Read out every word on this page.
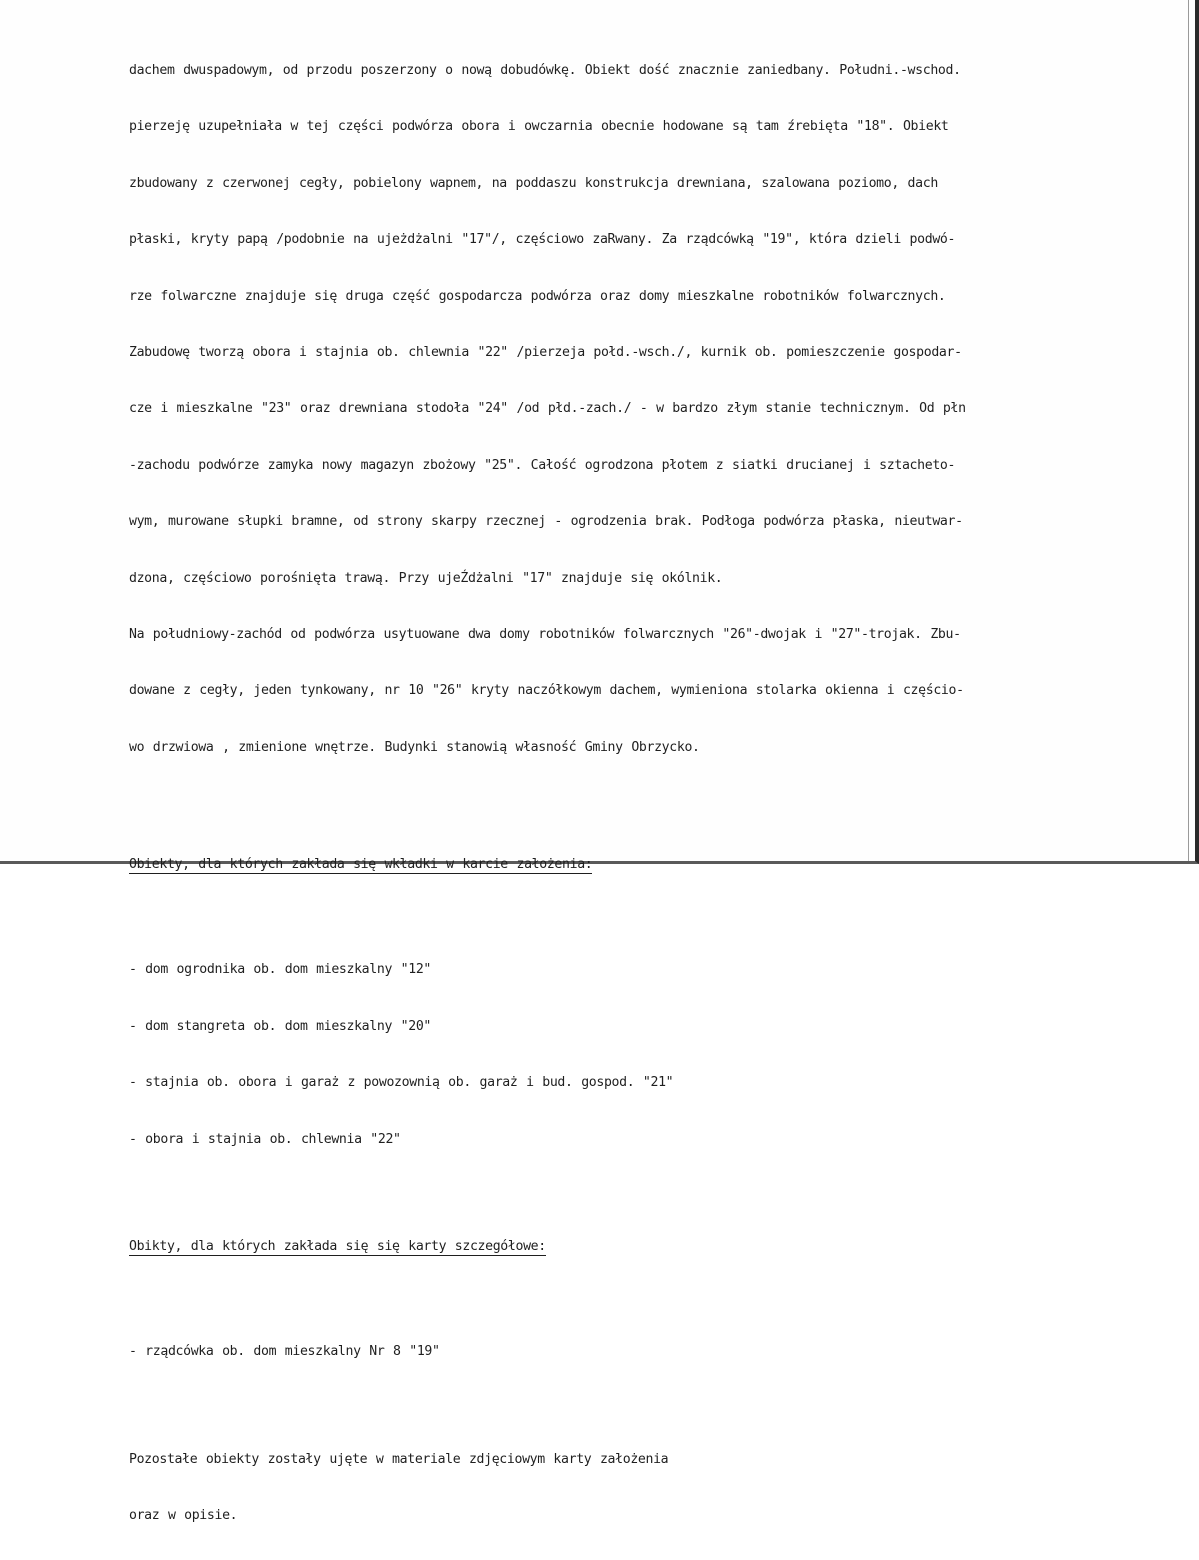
dachem dwuspadowym, od przodu poszerzony o nową dobudówkę. Obiekt dość znacznie zaniedbany. Południ.-wschod.

pierzeję uzupełniała w tej części podwórza obora i owczarnia obecnie hodowane są tam źrebięta "18". Obiekt

zbudowany z czerwonej cegły, pobielony wapnem, na poddaszu konstrukcja drewniana, szalowana poziomo, dach

płaski, kryty papą /podobnie na ujeżdżalni "17"/, częściowo zaRwany. Za rządcówką "19", która dzieli podwó-

rze folwarczne znajduje się druga część gospodarcza podwórza oraz domy mieszkalne robotników folwarcznych.

Zabudowę tworzą obora i stajnia ob. chlewnia "22" /pierzeja połd.-wsch./, kurnik ob. pomieszczenie gospodar-

cze i mieszkalne "23" oraz drewniana stodoła "24" /od płd.-zach./ - w bardzo złym stanie technicznym. Od płn

-zachodu podwórze zamyka nowy magazyn zbożowy "25". Całość ogrodzona płotem z siatki drucianej i sztacheto-

wym, murowane słupki bramne, od strony skarpy rzecznej - ogrodzenia brak. Podłoga podwórza płaska, nieutwar-

dzona, częściowo porośnięta trawą. Przy ujeŹdżalni "17" znajduje się okólnik.

Na południowy-zachód od podwórza usytuowane dwa domy robotników folwarcznych "26"-dwojak i "27"-trojak. Zbu-

dowane z cegły, jeden tynkowany, nr 10 "26" kryty naczółkowym dachem, wymieniona stolarka okienna i częścio-

wo drzwiowa , zmienione wnętrze. Budynki stanowią własność Gminy Obrzycko.

Obiekty, dla których zakłada się wkładki w karcie założenia:

- dom ogrodnika ob. dom mieszkalny "12"

- dom stangreta ob. dom mieszkalny "20"

- stajnia ob. obora i garaż z powozownią ob. garaż i bud. gospod. "21"

- obora i stajnia ob. chlewnia "22"

Obikty, dla których zakłada się się karty szczegółowe:

- rządcówka ob. dom mieszkalny Nr 8 "19"

Pozostałe obiekty zostały ujęte w materiale zdjęciowym karty założenia

oraz w opisie.
